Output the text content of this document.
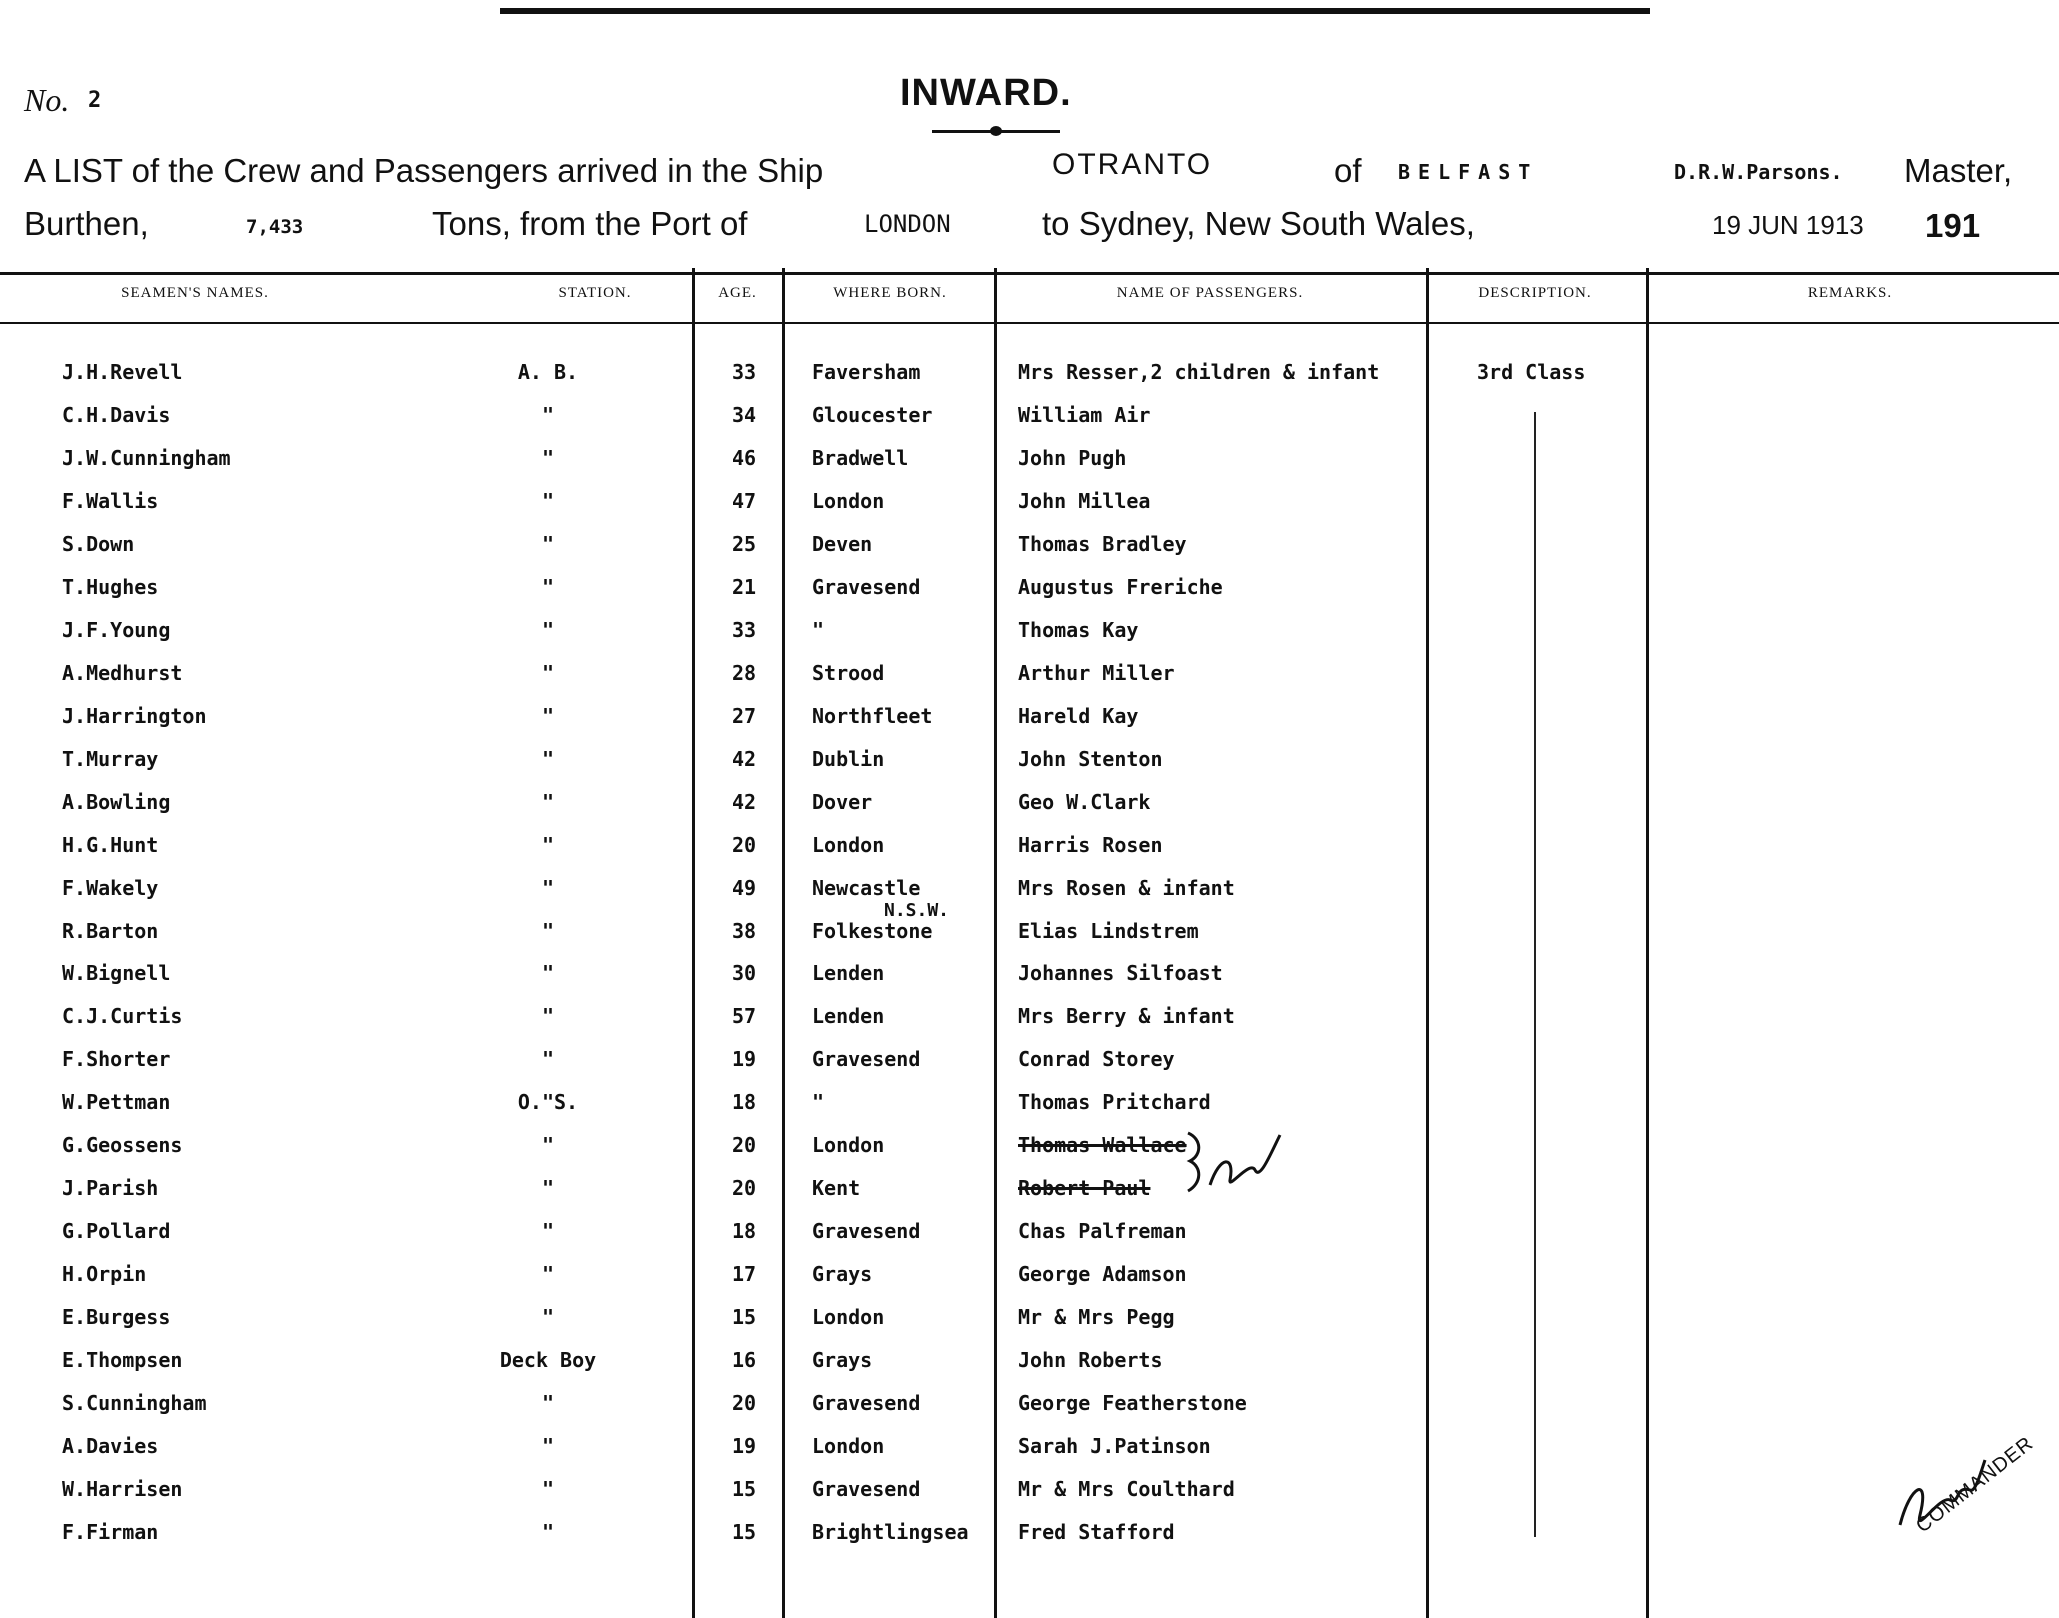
No. 2	INWARD.
A LIST of the Crew and Passengers arrived in the Ship	OTRANTO	of BELFAST	D.R.W.Parsons. Master,
Burthen,	7,433	Tons, from the Port of	LONDON	to Sydney, New South Wales,	19 JUN 1913 191
SEAMEN'S NAMES.	STATION.	AGE.	WHERE BORN.	NAME OF PASSENGERS.	DESCRIPTION.	REMARKS.
3rd Class
N.S.W.
J.H.Revell	A. B.	33	Faversham	Mrs Resser,2 children & infant
C.H.Davis	"	34	Gloucester	William Air
J.W.Cunningham	"	46	Bradwell	John Pugh
F.Wallis	"	47	London	John Millea
S.Down	"	25	Deven	Thomas Bradley
T.Hughes	"	21	Gravesend	Augustus Freriche
J.F.Young	"	33	"	Thomas Kay
A.Medhurst	"	28	Strood	Arthur Miller
J.Harrington	"	27	Northfleet	Hareld Kay
T.Murray	"	42	Dublin	John Stenton
A.Bowling	"	42	Dover	Geo W.Clark
H.G.Hunt	"	20	London	Harris Rosen
F.Wakely	"	49	Newcastle	Mrs Rosen & infant
R.Barton	"	38	Folkestone	Elias Lindstrem
W.Bignell	"	30	Lenden	Johannes Silfoast
C.J.Curtis	"	57	Lenden	Mrs Berry & infant
F.Shorter	"	19	Gravesend	Conrad Storey
W.Pettman	O."S.	18	"	Thomas Pritchard
G.Geossens	"	20	London	Thomas Wallace
J.Parish	"	20	Kent	Robert Paul
G.Pollard	"	18	Gravesend	Chas Palfreman
H.Orpin	"	17	Grays	George Adamson
E.Burgess	"	15	London	Mr & Mrs Pegg
E.Thompsen	Deck Boy	16	Grays	John Roberts
S.Cunningham	"	20	Gravesend	George Featherstone
A.Davies	"	19	London	Sarah J.Patinson
W.Harrisen	"	15	Gravesend	Mr & Mrs Coulthard
F.Firman	"	15	Brightlingsea Fred Stafford	COMMANDER
